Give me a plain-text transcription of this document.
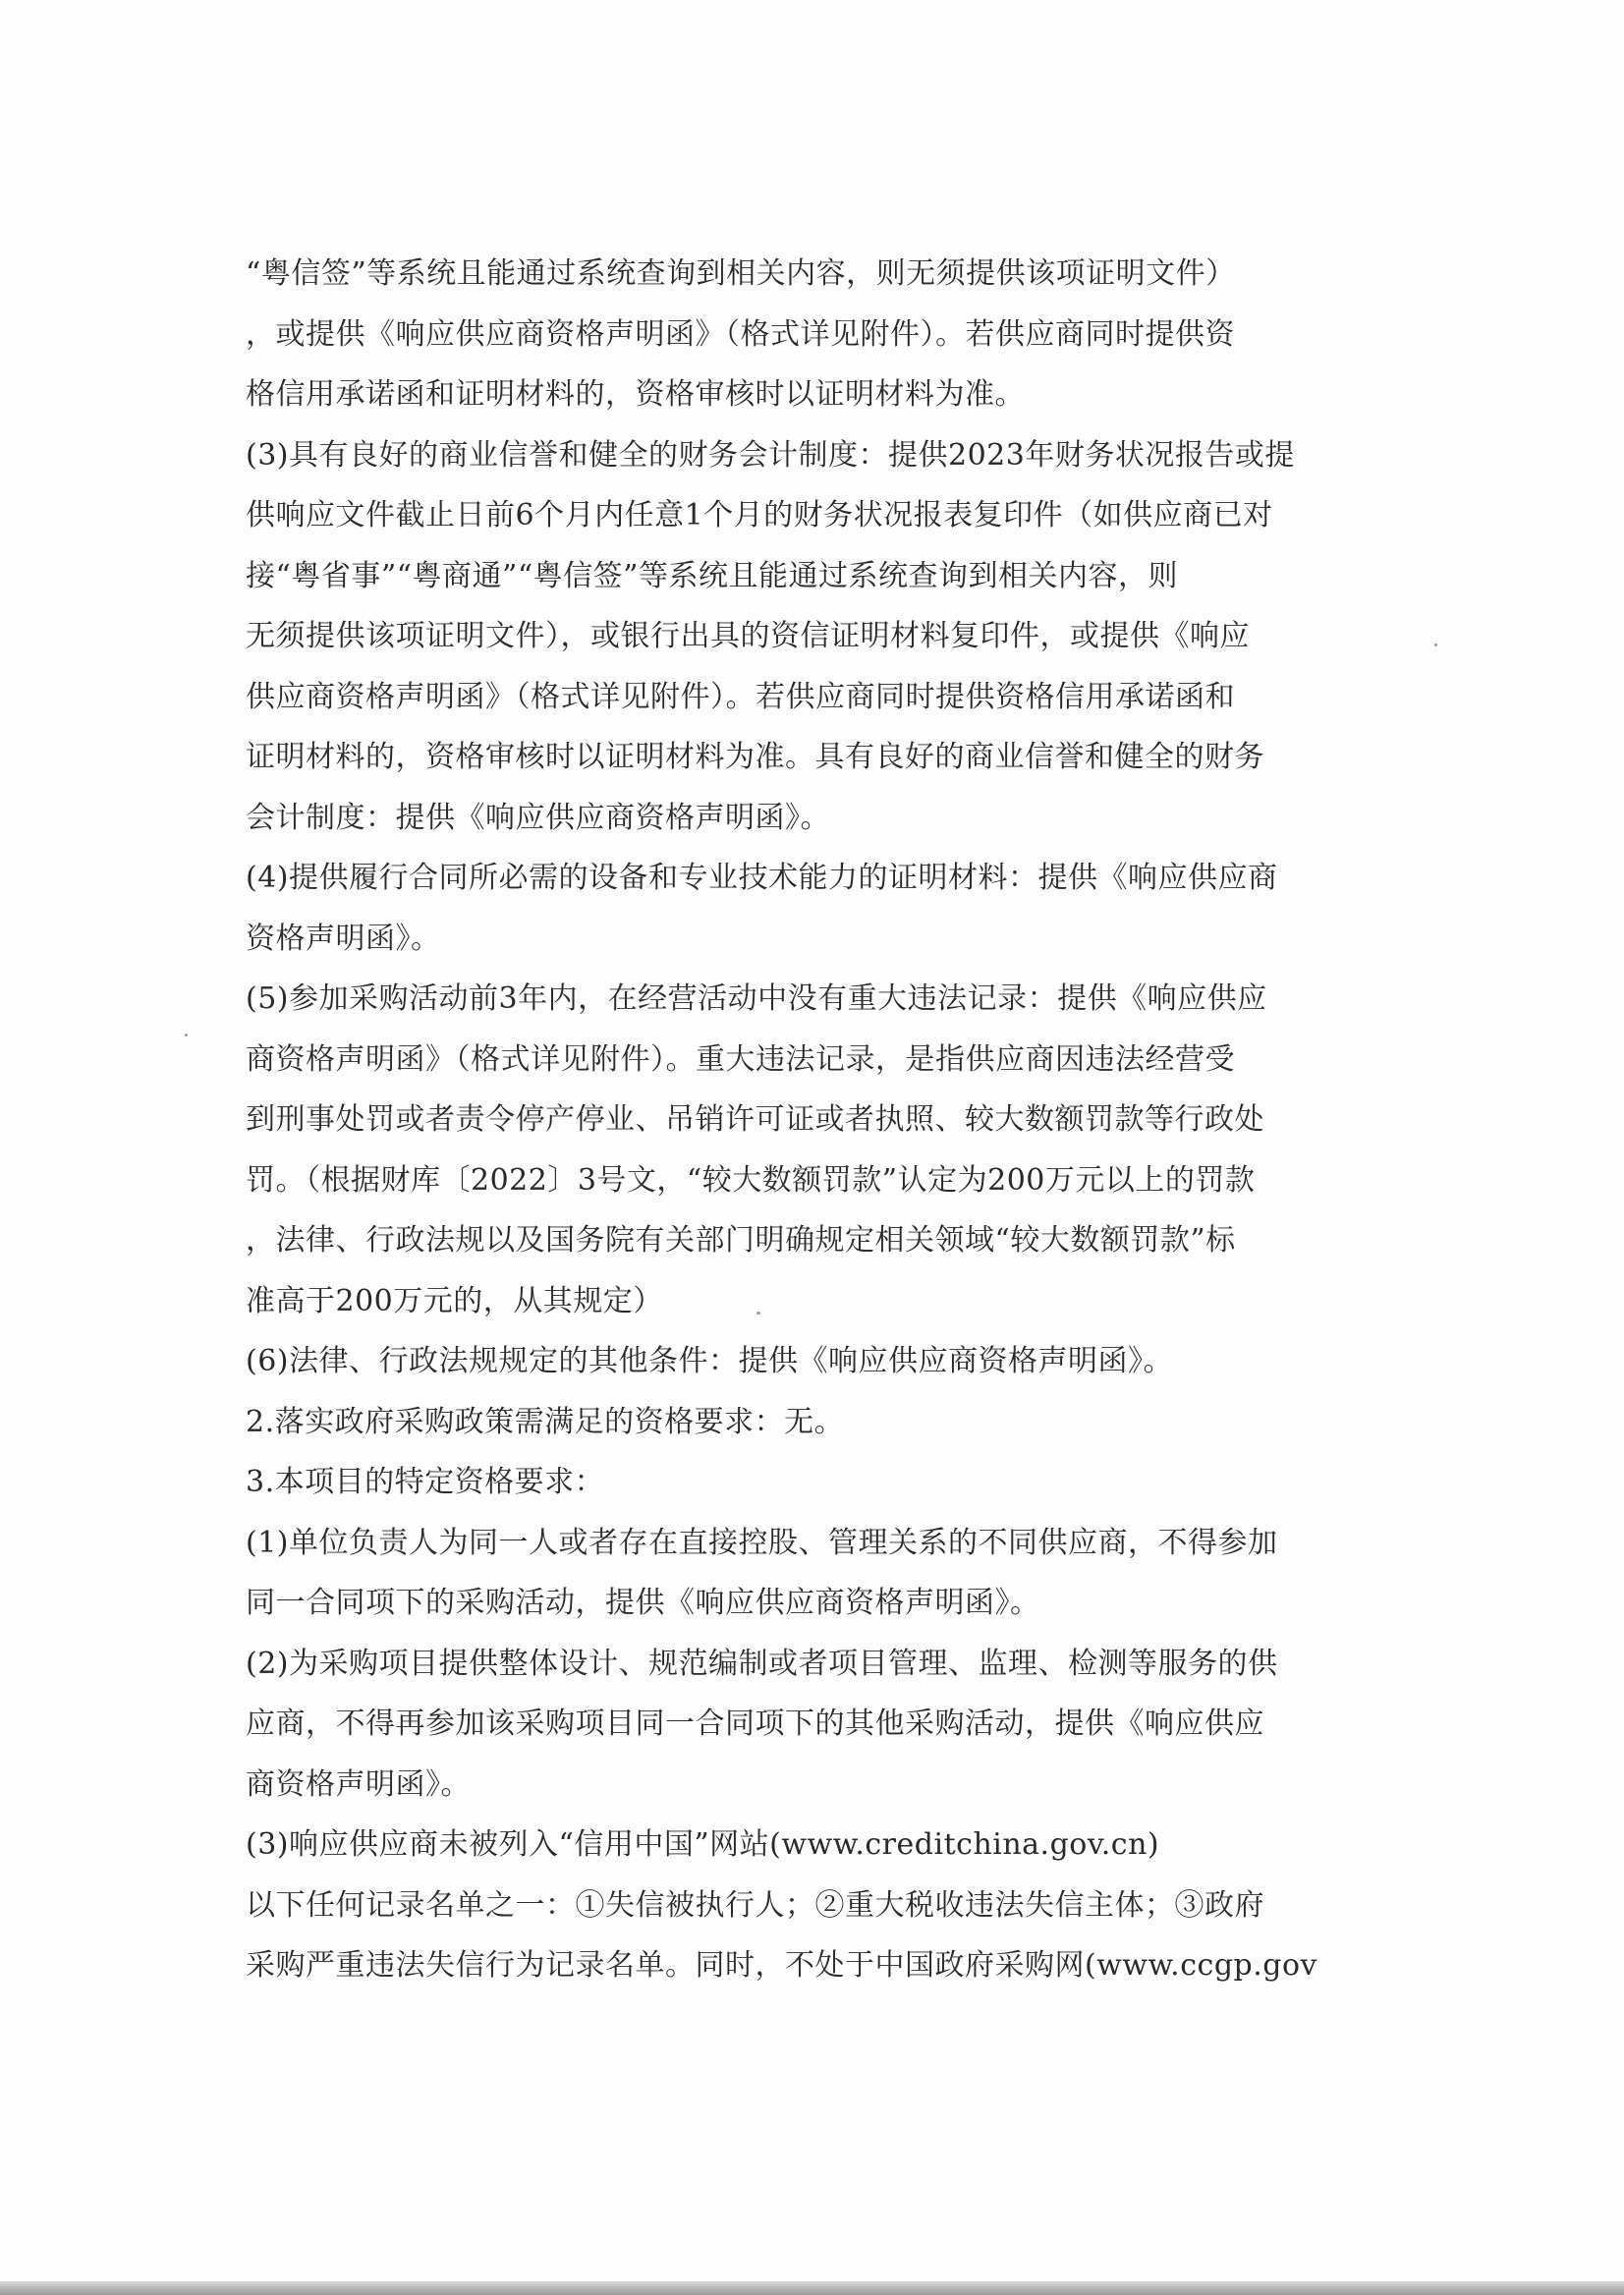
“粤信签”等系统且能通过系统查询到相关内容，则无须提供该项证明文件）
，或提供《响应供应商资格声明函》（格式详见附件）。若供应商同时提供资
格信用承诺函和证明材料的，资格审核时以证明材料为准。
(3)具有良好的商业信誉和健全的财务会计制度：提供2023年财务状况报告或提
供响应文件截止日前6个月内任意1个月的财务状况报表复印件（如供应商已对
接“粤省事”“粤商通”“粤信签”等系统且能通过系统查询到相关内容，则
无须提供该项证明文件），或银行出具的资信证明材料复印件，或提供《响应
供应商资格声明函》（格式详见附件）。若供应商同时提供资格信用承诺函和
证明材料的，资格审核时以证明材料为准。具有良好的商业信誉和健全的财务
会计制度：提供《响应供应商资格声明函》。
(4)提供履行合同所必需的设备和专业技术能力的证明材料：提供《响应供应商
资格声明函》。
(5)参加采购活动前3年内，在经营活动中没有重大违法记录：提供《响应供应
商资格声明函》（格式详见附件）。重大违法记录，是指供应商因违法经营受
到刑事处罚或者责令停产停业、吊销许可证或者执照、较大数额罚款等行政处
罚。（根据财库〔2022〕3号文，“较大数额罚款”认定为200万元以上的罚款
，法律、行政法规以及国务院有关部门明确规定相关领域“较大数额罚款”标
准高于200万元的，从其规定）
(6)法律、行政法规规定的其他条件：提供《响应供应商资格声明函》。
2.落实政府采购政策需满足的资格要求：无。
3.本项目的特定资格要求：
(1)单位负责人为同一人或者存在直接控股、管理关系的不同供应商，不得参加
同一合同项下的采购活动，提供《响应供应商资格声明函》。
(2)为采购项目提供整体设计、规范编制或者项目管理、监理、检测等服务的供
应商，不得再参加该采购项目同一合同项下的其他采购活动，提供《响应供应
商资格声明函》。
(3)响应供应商未被列入“信用中国”网站(www.creditchina.gov.cn)
以下任何记录名单之一：①失信被执行人；②重大税收违法失信主体；③政府
采购严重违法失信行为记录名单。同时，不处于中国政府采购网(www.ccgp.gov
